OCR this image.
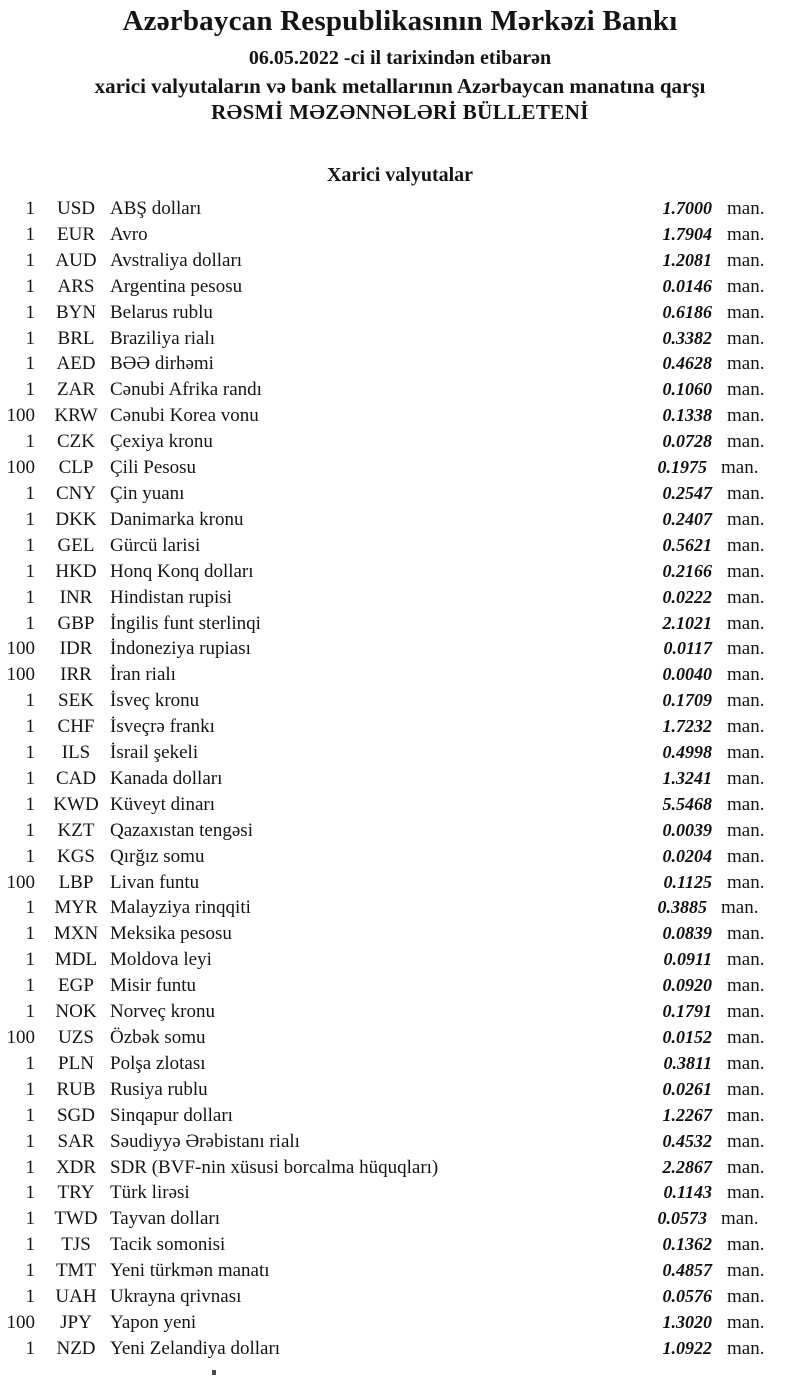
Azərbaycan Respublikasının Mərkəzi Bankı
06.05.2022 -ci il tarixindən etibarən
xarici valyutaların və bank metallarının Azərbaycan manatına qarşı
RƏSMİ MƏZƏNNƏLƏRİ BÜLLETENİ
Xarici valyutalar
1	USD ABŞ dolları	1.7000 man.
1	EUR Avro	1.7904 man.
1	AUD Avstraliya dolları	1.2081 man.
1	ARS Argentina pesosu	0.0146 man.
1	BYN Belarus rublu	0.6186 man.
1	BRL Braziliya rialı	0.3382 man.
1	AED BƏƏ dirhəmi	0.4628 man.
1	ZAR Cənubi Afrika randı	0.1060 man.
100	KRW Cənubi Korea vonu	0.1338 man.
1	CZK Çexiya kronu	0.0728 man.
100	CLP Çili Pesosu	0.1975 man.
1	CNY Çin yuanı	0.2547 man.
1	DKK Danimarka kronu	0.2407 man.
1	GEL Gürcü larisi	0.5621 man.
1	HKD Honq Konq dolları	0.2166 man.
1	INR Hindistan rupisi	0.0222 man.
1	GBP İngilis funt sterlinqi	2.1021 man.
100	IDR İndoneziya rupiası	0.0117 man.
100	IRR İran rialı	0.0040 man.
1	SEK İsveç kronu	0.1709 man.
1	CHF İsveçrə frankı	1.7232 man.
1	ILS	İsrail şekeli	0.4998 man.
1	CAD Kanada dolları	1.3241 man.
1 KWD Küveyt dinarı	5.5468 man.
1	KZT Qazaxıstan tengəsi	0.0039 man.
1	KGS Qırğız somu	0.0204 man.
100	LBP Livan funtu	0.1125 man.
1	MYR Malayziya rinqqiti	0.3885 man.
1 MXN Meksika pesosu	0.0839 man.
1	MDL Moldova leyi	0.0911 man.
1	EGP Misir funtu	0.0920 man.
1	NOK Norveç kronu	0.1791 man.
100	UZS Özbək somu	0.0152 man.
1	PLN Polşa zlotası	0.3811 man.
1	RUB Rusiya rublu	0.0261 man.
1	SGD Sinqapur dolları	1.2267 man.
1	SAR Səudiyyə Ərəbistanı rialı	0.4532 man.
1	XDR SDR (BVF-nin xüsusi borcalma hüquqları)	2.2867 man.
1	TRY Türk lirəsi	0.1143 man.
1	TWD Tayvan dolları	0.0573 man.
1	TJS	Tacik somonisi	0.1362 man.
1	TMT Yeni türkmən manatı	0.4857 man.
1	UAH Ukrayna qrivnası	0.0576 man.
100	JPY Yapon yeni	1.3020 man.
1	NZD Yeni Zelandiya dolları	1.0922 man.
